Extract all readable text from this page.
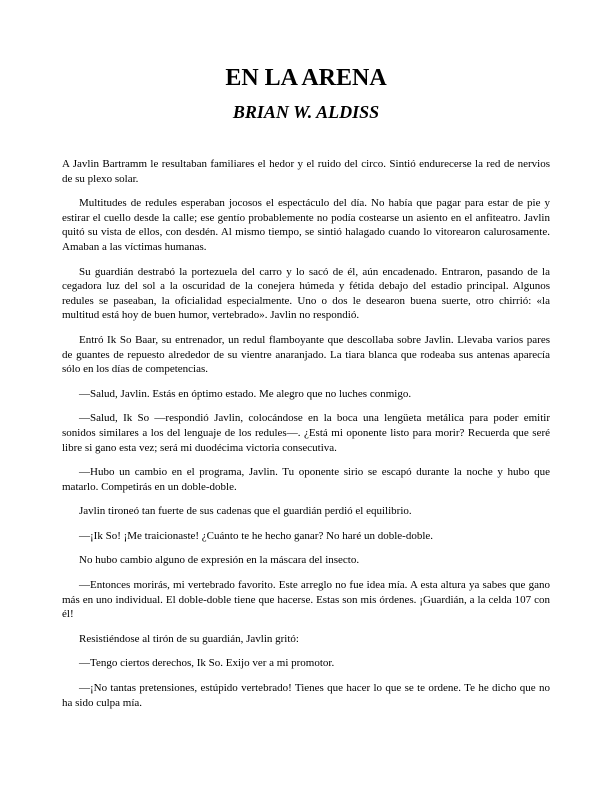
EN LA ARENA
BRIAN W. ALDISS

A Javlin Bartramm le resultaban familiares el hedor y el ruido del circo. Sintió endurecerse la red de nervios de su plexo solar.

Multitudes de redules esperaban jocosos el espectáculo del día. No había que pagar para estar de pie y estirar el cuello desde la calle; ese gentío probablemente no podía costearse un asiento en el anfiteatro. Javlin quitó su vista de ellos, con desdén. Al mismo tiempo, se sintió halagado cuando lo vitorearon calurosamente. Amaban a las víctimas humanas.

Su guardián destrabó la portezuela del carro y lo sacó de él, aún encadenado. Entraron, pasando de la cegadora luz del sol a la oscuridad de la conejera húmeda y fétida debajo del estadio principal. Algunos redules se paseaban, la oficialidad especialmente. Uno o dos le desearon buena suerte, otro chirrió: «la multitud está hoy de buen humor, vertebrado». Javlin no respondió.

Entró Ik So Baar, su entrenador, un redul flamboyante que descollaba sobre Javlin. Llevaba varios pares de guantes de repuesto alrededor de su vientre anaranjado. La tiara blanca que rodeaba sus antenas aparecía sólo en los días de competencias.

—Salud, Javlin. Estás en óptimo estado. Me alegro que no luches conmigo.

—Salud, Ik So —respondió Javlin, colocándose en la boca una lengüeta metálica para poder emitir sonidos similares a los del lenguaje de los redules—. ¿Está mi oponente listo para morir? Recuerda que seré libre si gano esta vez; será mi duodécima victoria consecutiva.

—Hubo un cambio en el programa, Javlin. Tu oponente sirio se escapó durante la noche y hubo que matarlo. Competirás en un doble-doble.

Javlin tironeó tan fuerte de sus cadenas que el guardián perdió el equilibrio.

—¡Ik So! ¡Me traicionaste! ¿Cuánto te he hecho ganar? No haré un doble-doble.

No hubo cambio alguno de expresión en la máscara del insecto.

—Entonces morirás, mi vertebrado favorito. Este arreglo no fue idea mía. A esta altura ya sabes que gano más en uno individual. El doble-doble tiene que hacerse. Estas son mis órdenes. ¡Guardián, a la celda 107 con él!

Resistiéndose al tirón de su guardián, Javlin gritó:

—Tengo ciertos derechos, Ik So. Exijo ver a mi promotor.

—¡No tantas pretensiones, estúpido vertebrado! Tienes que hacer lo que se te ordene. Te he dicho que no ha sido culpa mía.
